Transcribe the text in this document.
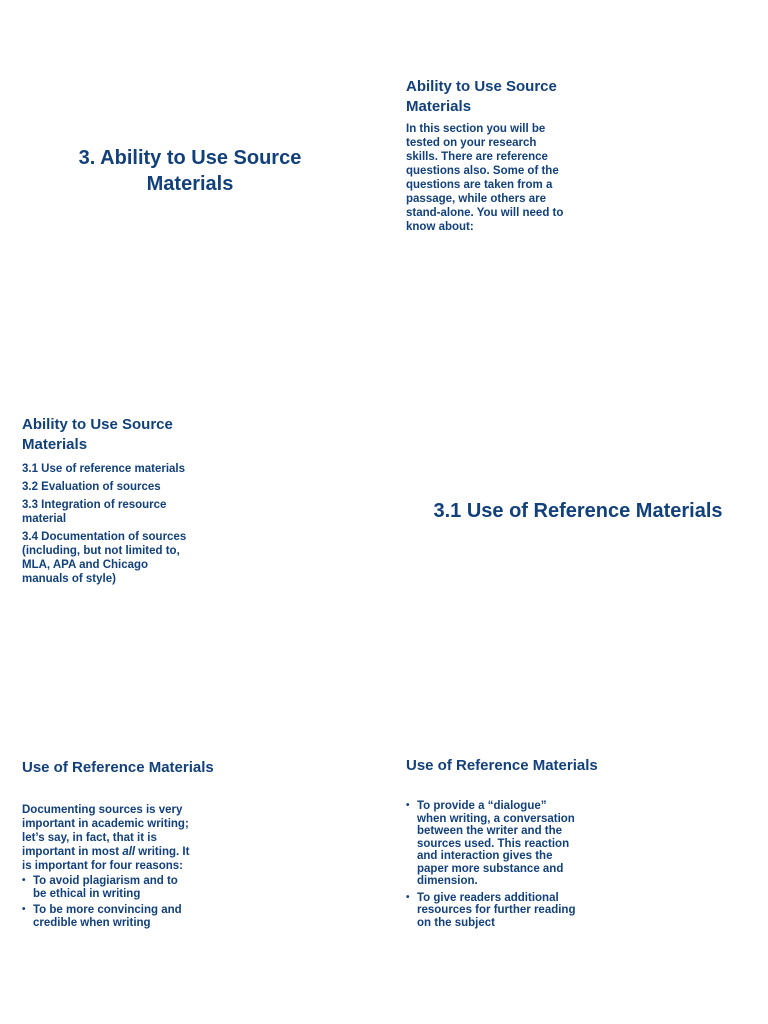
3. Ability to Use Source Materials
Ability to Use Source Materials
In this section you will be tested on your research skills. There are reference questions also. Some of the questions are taken from a passage, while others are stand-alone. You will need to know about:
Ability to Use Source Materials
3.1 Use of reference materials
3.2 Evaluation of sources
3.3 Integration of resource material
3.4 Documentation of sources (including, but not limited to, MLA, APA and Chicago manuals of style)
3.1 Use of Reference Materials
Use of Reference Materials

Documenting sources is very important in academic writing; let’s say, in fact, that it is important in most all writing. It is important for four reasons:

• To avoid plagiarism and to be ethical in writing
• To be more convincing and credible when writing
Use of Reference Materials
• To provide a “dialogue” when writing, a conversation between the writer and the sources used. This reaction and interaction gives the paper more substance and dimension.
• To give readers additional resources for further reading on the subject
